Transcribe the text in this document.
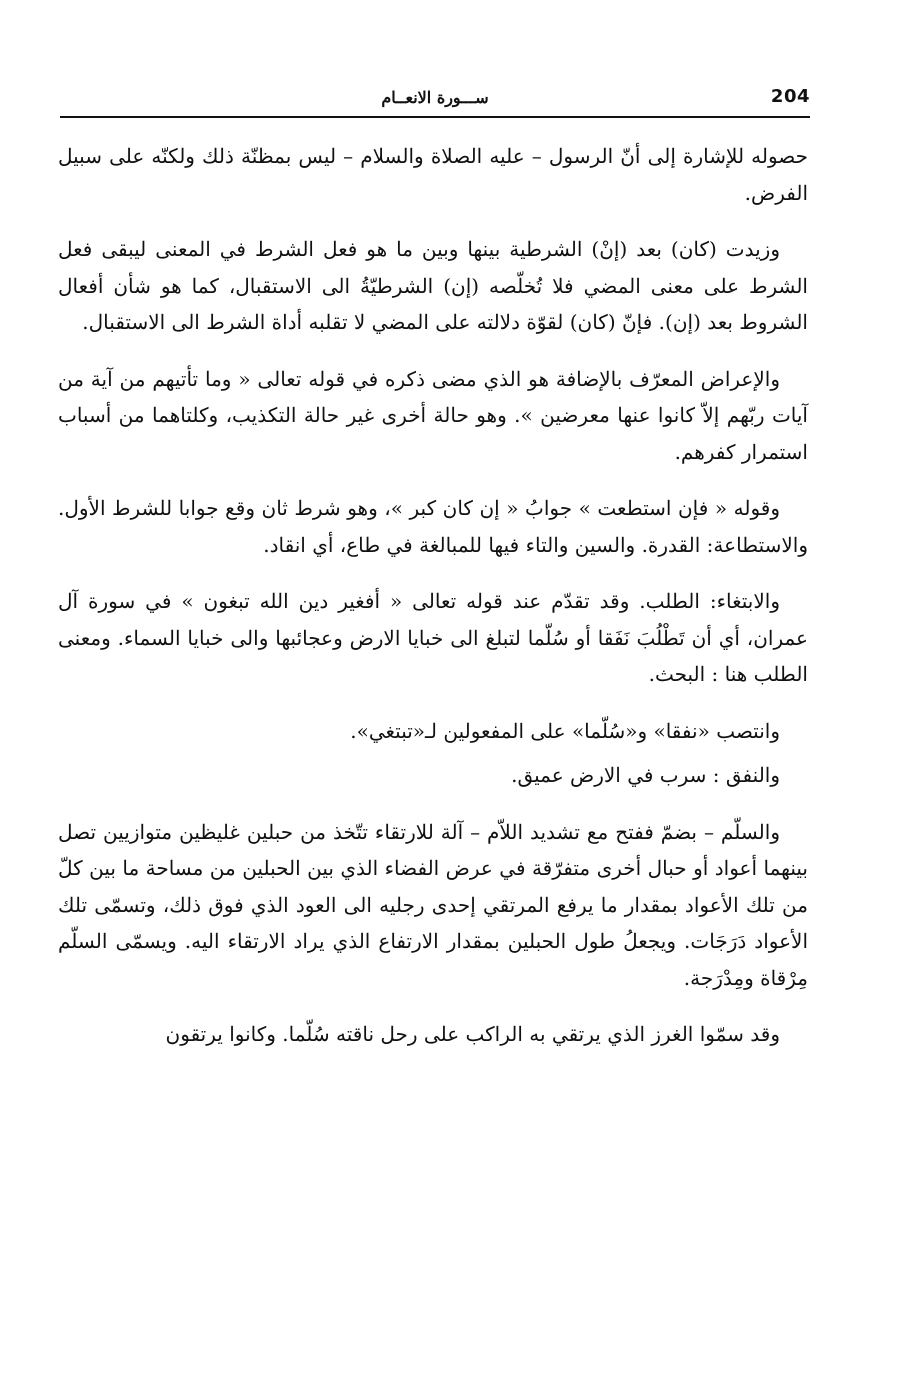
204
ســـورة الانعــام

حصوله للإشارة إلى أنّ الرسول – عليه الصلاة والسلام – ليس بمظنّة ذلك ولكنّه على سبيل الفرض.

وزيدت (كان) بعد (إنْ) الشرطية بينها وبين ما هو فعل الشرط في المعنى ليبقى فعل الشرط على معنى المضي فلا تُخلّصه (إن) الشرطيّةُ الى الاستقبال، كما هو شأن أفعال الشروط بعد (إن). فإنّ (كان) لقوّة دلالته على المضي لا تقلبه أداة الشرط الى الاستقبال.

والإعراض المعرّف بالإضافة هو الذي مضى ذكره في قوله تعالى « وما تأتيهم من آية من آيات ربّهم إلاّ كانوا عنها معرضين ». وهو حالة أخرى غير حالة التكذيب، وكلتاهما من أسباب استمرار كفرهم.

وقوله « فإن استطعت » جوابُ « إن كان كبر »، وهو شرط ثان وقع جوابا للشرط الأول. والاستطاعة: القدرة. والسين والتاء فيها للمبالغة في طاع، أي انقاد.

والابتغاء: الطلب. وقد تقدّم عند قوله تعالى « أفغير دين الله تبغون » في سورة آل عمران، أي أن تَطْلُبَ نَفَقا أو سُلّما لتبلغ الى خبايا الارض وعجائبها والى خبايا السماء. ومعنى الطلب هنا : البحث.

وانتصب «نفقا» و«سُلّما» على المفعولين لـ«تبتغي».

والنفق : سرب في الارض عميق.

والسلّم – بضمّ ففتح مع تشديد اللاّم – آلة للارتقاء تتّخذ من حبلين غليظين متوازيين تصل بينهما أعواد أو حبال أخرى متفرّقة في عرض الفضاء الذي بين الحبلين من مساحة ما بين كلّ من تلك الأعواد بمقدار ما يرفع المرتقي إحدى رجليه الى العود الذي فوق ذلك، وتسمّى تلك الأعواد دَرَجَات. ويجعلُ طول الحبلين بمقدار الارتفاع الذي يراد الارتقاء اليه. ويسمّى السلّم مِرْقاة ومِدْرَجة.

وقد سمّوا الغرز الذي يرتقي به الراكب على رحل ناقته سُلّما. وكانوا يرتقون
